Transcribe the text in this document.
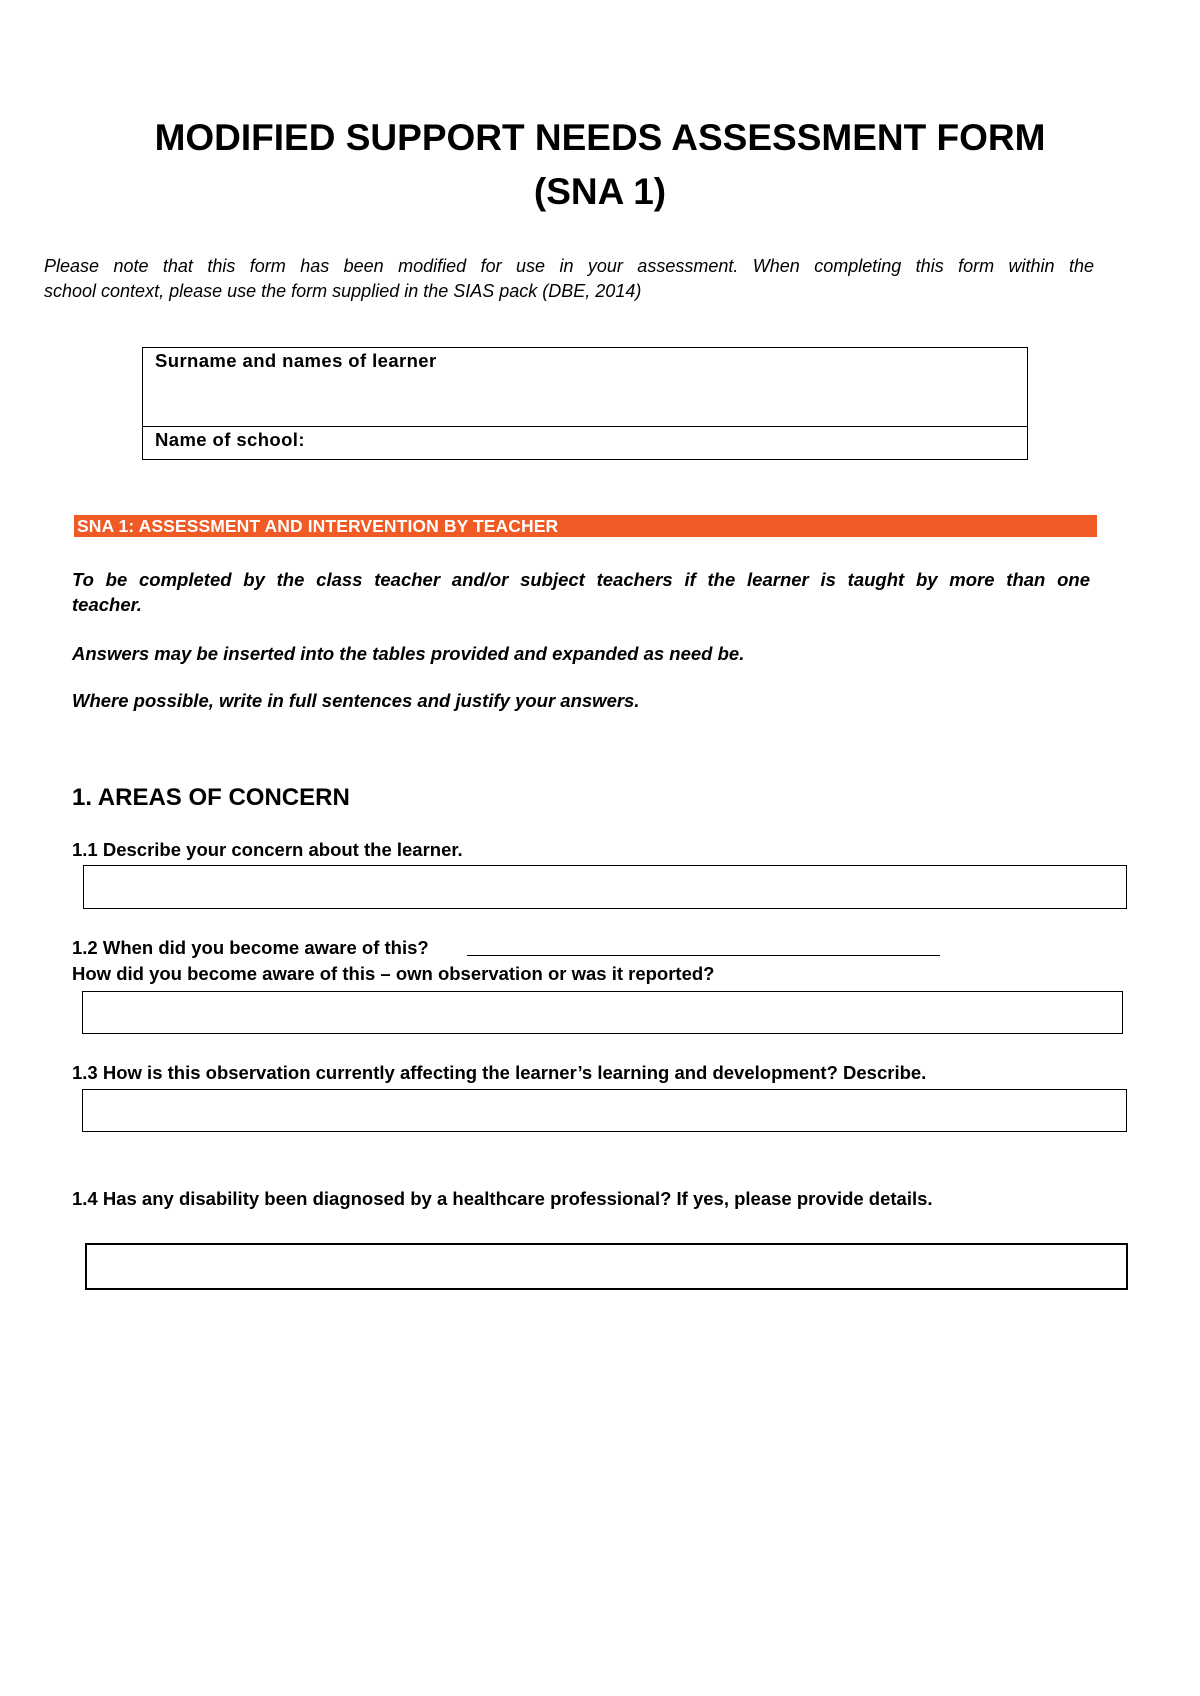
MODIFIED SUPPORT NEEDS ASSESSMENT FORM
(SNA 1)

Please note that this form has been modified for use in your assessment. When completing this form within the
school context, please use the form supplied in the SIAS pack (DBE, 2014)

Surname and names of learner
Name of school:
SNA 1: ASSESSMENT AND INTERVENTION BY TEACHER

To be completed by the class teacher and/or subject teachers if the learner is taught by more than one
teacher.

Answers may be inserted into the tables provided and expanded as need be.

Where possible, write in full sentences and justify your answers.

1. AREAS OF CONCERN

1.1 Describe your concern about the learner.

1.2 When did you become aware of this?

How did you become aware of this – own observation or was it reported?

1.3 How is this observation currently affecting the learner’s learning and development? Describe.

1.4 Has any disability been diagnosed by a healthcare professional? If yes, please provide details.
